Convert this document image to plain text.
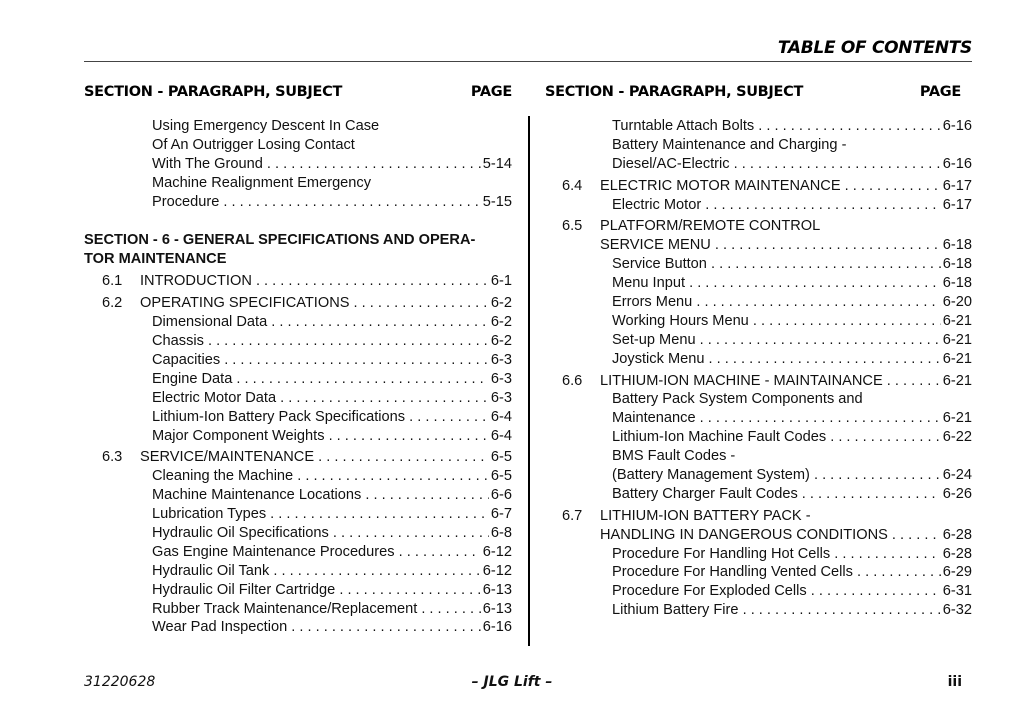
TABLE OF CONTENTS
SECTION - PARAGRAPH, SUBJECT	PAGE SECTION - PARAGRAPH, SUBJECT	PAGE
Using Emergency Descent In Case
Of An Outrigger Losing Contact
With The Ground . . .	5-14
Machine Realignment Emergency
Procedure . . .	5-15
SECTION - 6 - GENERAL SPECIFICATIONS AND OPERA-TOR MAINTENANCE
6.1 INTRODUCTION . . .	6-1
6.2 OPERATING SPECIFICATIONS . . .	6-2
Dimensional Data . . .	6-2
Chassis . . .	6-2
Capacities . . .	6-3
Engine Data . . .	6-3
Electric Motor Data . . .	6-3
Lithium-Ion Battery Pack Specifications . . .	6-4
Major Component Weights . . .	6-4
6.3 SERVICE/MAINTENANCE . . .	6-5
Cleaning the Machine . . .	6-5
Machine Maintenance Locations . . .	6-6
Lubrication Types . . .	6-7
Hydraulic Oil Specifications . . .	6-8
Gas Engine Maintenance Procedures . . .	6-12
Hydraulic Oil Tank . . .	6-12
Hydraulic Oil Filter Cartridge . . .	6-13
Rubber Track Maintenance/Replacement . . .	6-13
Wear Pad Inspection . . .	6-16
Turntable Attach Bolts . . .	6-16
Battery Maintenance and Charging -
Diesel/AC-Electric . . .	6-16
6.4 ELECTRIC MOTOR MAINTENANCE . . .	6-17
Electric Motor . . .	6-17
6.5 PLATFORM/REMOTE CONTROL
SERVICE MENU . . .	6-18
Service Button . . .	6-18
Menu Input . . .	6-18
Errors Menu . . .	6-20
Working Hours Menu . . .	6-21
Set-up Menu . . .	6-21
Joystick Menu . . .	6-21
6.6 LITHIUM-ION MACHINE - MAINTAINANCE . . .	6-21
Battery Pack System Components and
Maintenance . . .	6-21
Lithium-Ion Machine Fault Codes . . .	6-22
BMS Fault Codes -
(Battery Management System) . . .	6-24
Battery Charger Fault Codes . . .	6-26
6.7 LITHIUM-ION BATTERY PACK -
HANDLING IN DANGEROUS CONDITIONS . . .	6-28
Procedure For Handling Hot Cells . . .	6-28
Procedure For Handling Vented Cells . . .	6-29
Procedure For Exploded Cells . . .	6-31
Lithium Battery Fire . . .	6-32
31220628	– JLG Lift –	iii
